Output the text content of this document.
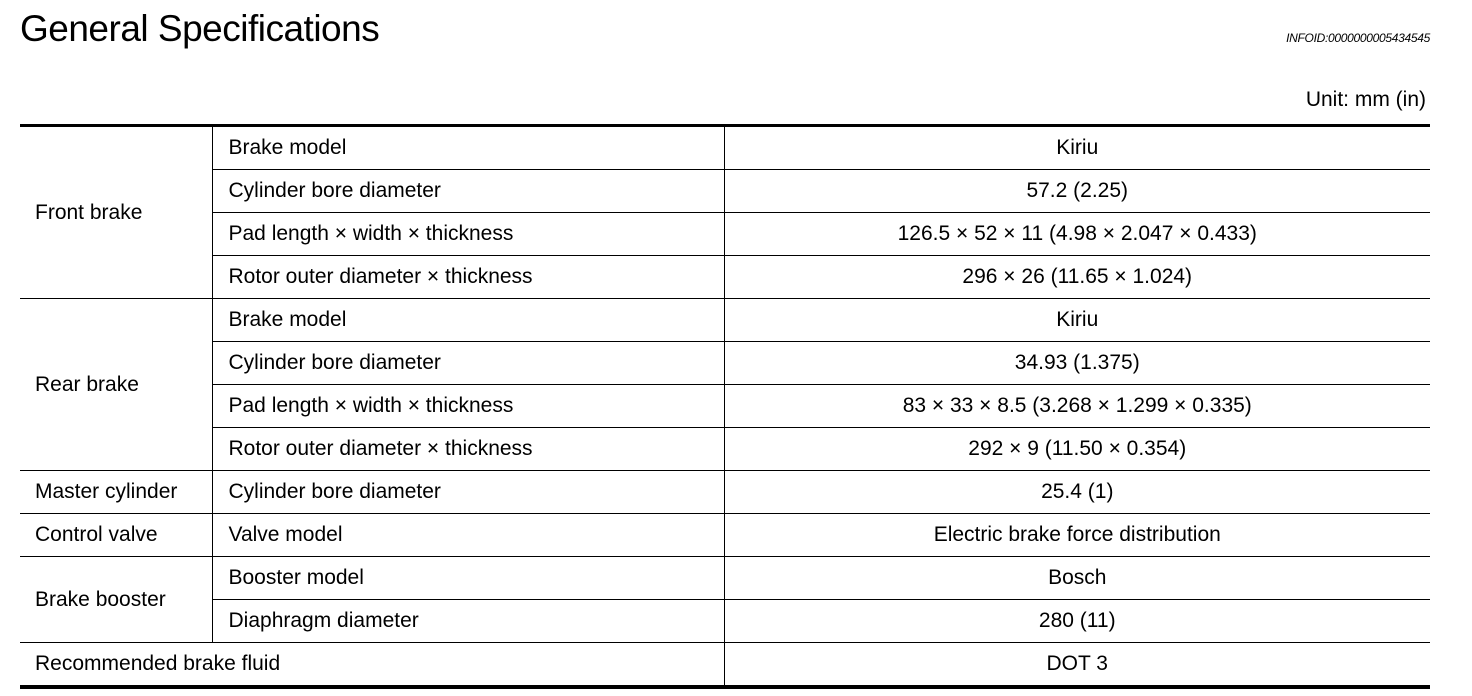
General Specifications	INFOID:0000000005434545
Unit: mm (in)
Front brake	Brake model	Kiriu
	Cylinder bore diameter	57.2 (2.25)
	Pad length × width × thickness	126.5 × 52 × 11 (4.98 × 2.047 × 0.433)
	Rotor outer diameter × thickness	296 × 26 (11.65 × 1.024)
Rear brake	Brake model	Kiriu
	Cylinder bore diameter	34.93 (1.375)
	Pad length × width × thickness	83 × 33 × 8.5 (3.268 × 1.299 × 0.335)
	Rotor outer diameter × thickness	292 × 9 (11.50 × 0.354)
Master cylinder	Cylinder bore diameter	25.4 (1)
Control valve	Valve model	Electric brake force distribution
Brake booster	Booster model	Bosch
	Diaphragm diameter	280 (11)
Recommended brake fluid		DOT 3
